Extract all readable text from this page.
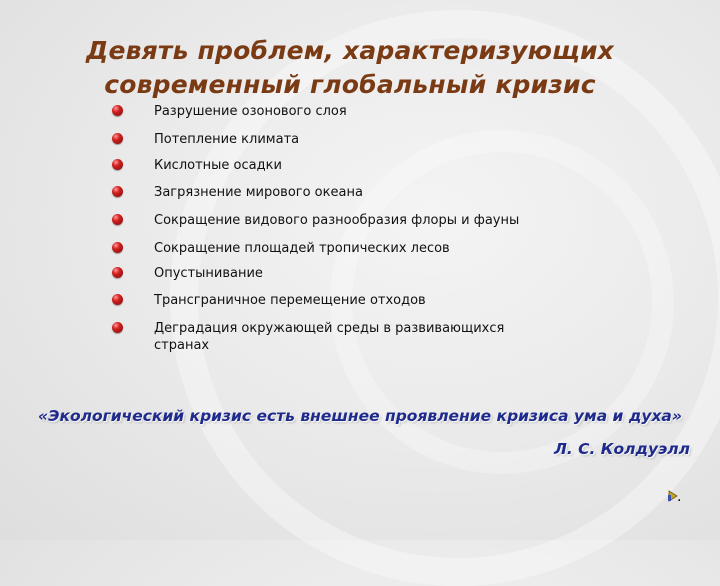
Девять проблем, характеризующих
современный глобальный кризис
Разрушение озонового слоя
Потепление климата
Кислотные осадки
Загрязнение мирового океана
Сокращение видового разнообразия флоры и фауны
Сокращение площадей тропических лесов
Опустынивание
Трансграничное перемещение отходов
Деградация окружающей среды в развивающихся странах
«Экологический кризис есть внешнее проявление кризиса ума и духа»
Л. С. Колдуэлл
.
